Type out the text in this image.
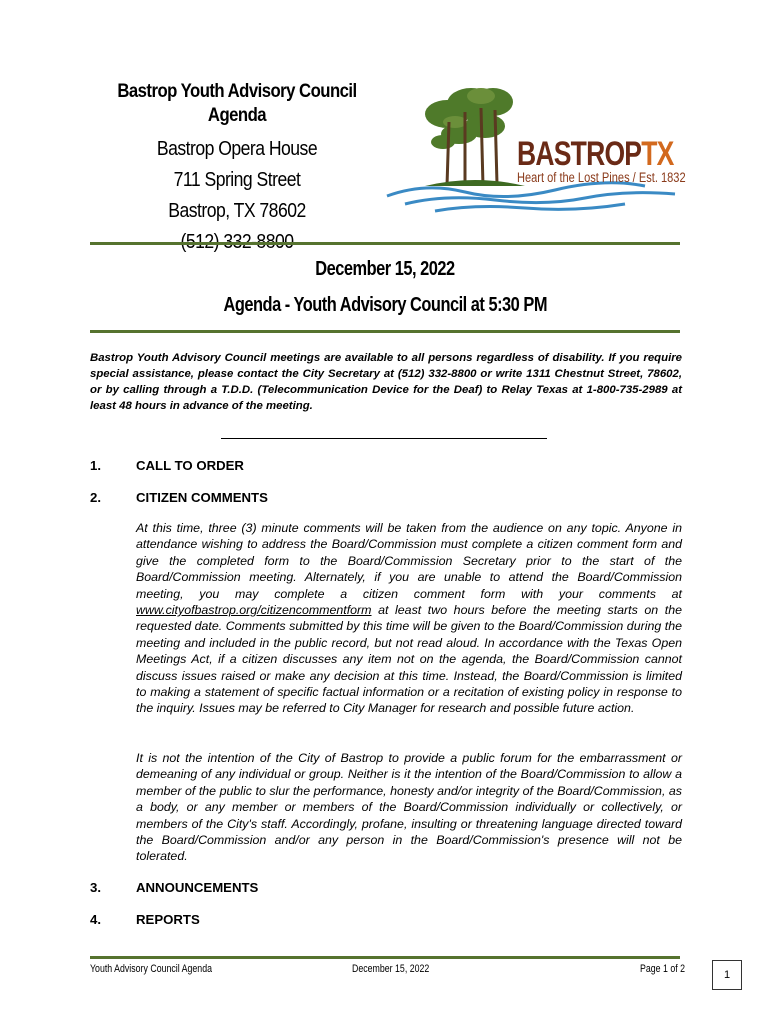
Bastrop Youth Advisory Council Agenda
Bastrop Opera House
711 Spring Street
Bastrop, TX 78602
BASTROPTX
Heart of the Lost Pines / Est. 1832
December 15, 2022
Agenda - Youth Advisory Council at 5:30 PM
Bastrop Youth Advisory Council meetings are available to all persons regardless of disability. If you require special assistance, please contact the City Secretary at (512) 332-8800 or write 1311 Chestnut Street, 78602, or by calling through a T.D.D. (Telecommunication Device for the Deaf) to Relay Texas at 1-800-735-2989 at least 48 hours in advance of the meeting.
1.	CALL TO ORDER
2.	CITIZEN COMMENTS
At this time, three (3) minute comments will be taken from the audience on any topic. Anyone in attendance wishing to address the Board/Commission must complete a citizen comment form and give the completed form to the Board/Commission Secretary prior to the start of the Board/Commission meeting. Alternately, if you are unable to attend the Board/Commission meeting, you may complete a citizen comment form with your comments at www.cityofbastrop.org/citizencommentform at least two hours before the meeting starts on the requested date. Comments submitted by this time will be given to the Board/Commission during the meeting and included in the public record, but not read aloud. In accordance with the Texas Open Meetings Act, if a citizen discusses any item not on the agenda, the Board/Commission cannot discuss issues raised or make any decision at this time. Instead, the Board/Commission is limited to making a statement of specific factual information or a recitation of existing policy in response to the inquiry. Issues may be referred to City Manager for research and possible future action.
It is not the intention of the City of Bastrop to provide a public forum for the embarrassment or demeaning of any individual or group. Neither is it the intention of the Board/Commission to allow a member of the public to slur the performance, honesty and/or integrity of the Board/Commission, as a body, or any member or members of the Board/Commission individually or collectively, or members of the City's staff. Accordingly, profane, insulting or threatening language directed toward the Board/Commission and/or any person in the Board/Commission's presence will not be tolerated.
3.	ANNOUNCEMENTS
4.	REPORTS
Youth Advisory Council Agenda	December 15, 2022	Page 1 of 2	1
